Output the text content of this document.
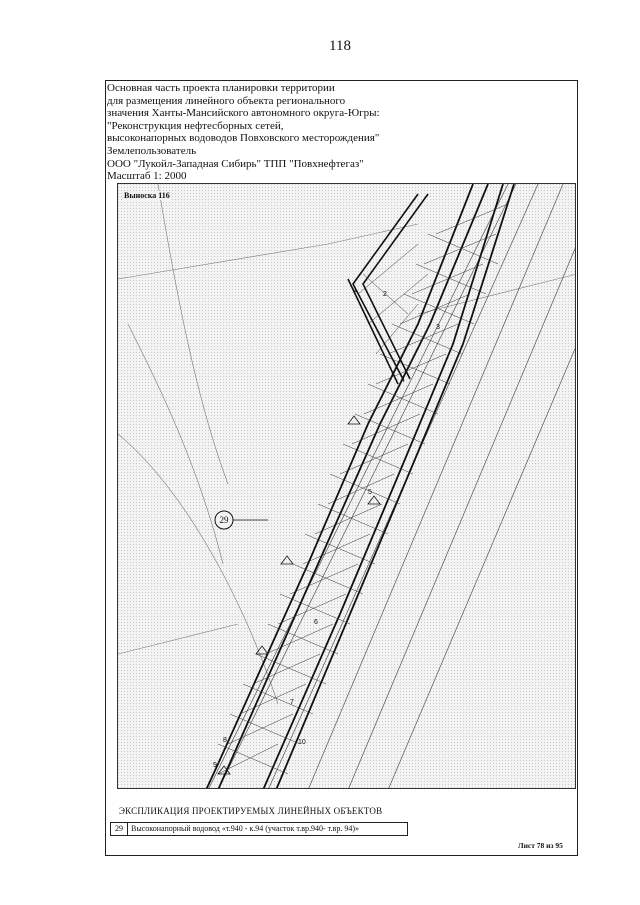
118
Основная часть проекта планировки территории
для размещения линейного объекта регионального
значения Ханты-Мансийского автономного округа-Югры:
"Реконструкция нефтесборных сетей,
высоконапорных водоводов Повховского месторождения"
Землепользователь
ООО "Лукойл-Западная Сибирь" ТПП "Повхнефтегаз"
Масштаб 1: 2000
1
2
3
4
5
6
7
8
9
10
29
Выноска 116
ЭКСПЛИКАЦИЯ ПРОЕКТИРУЕМЫХ ЛИНЕЙНЫХ ОБЪЕКТОВ
29	Высоконапорный водовод «т.940 - к.94 (участок т.вр.940- т.вр. 94)»
Лист 78 из 95
